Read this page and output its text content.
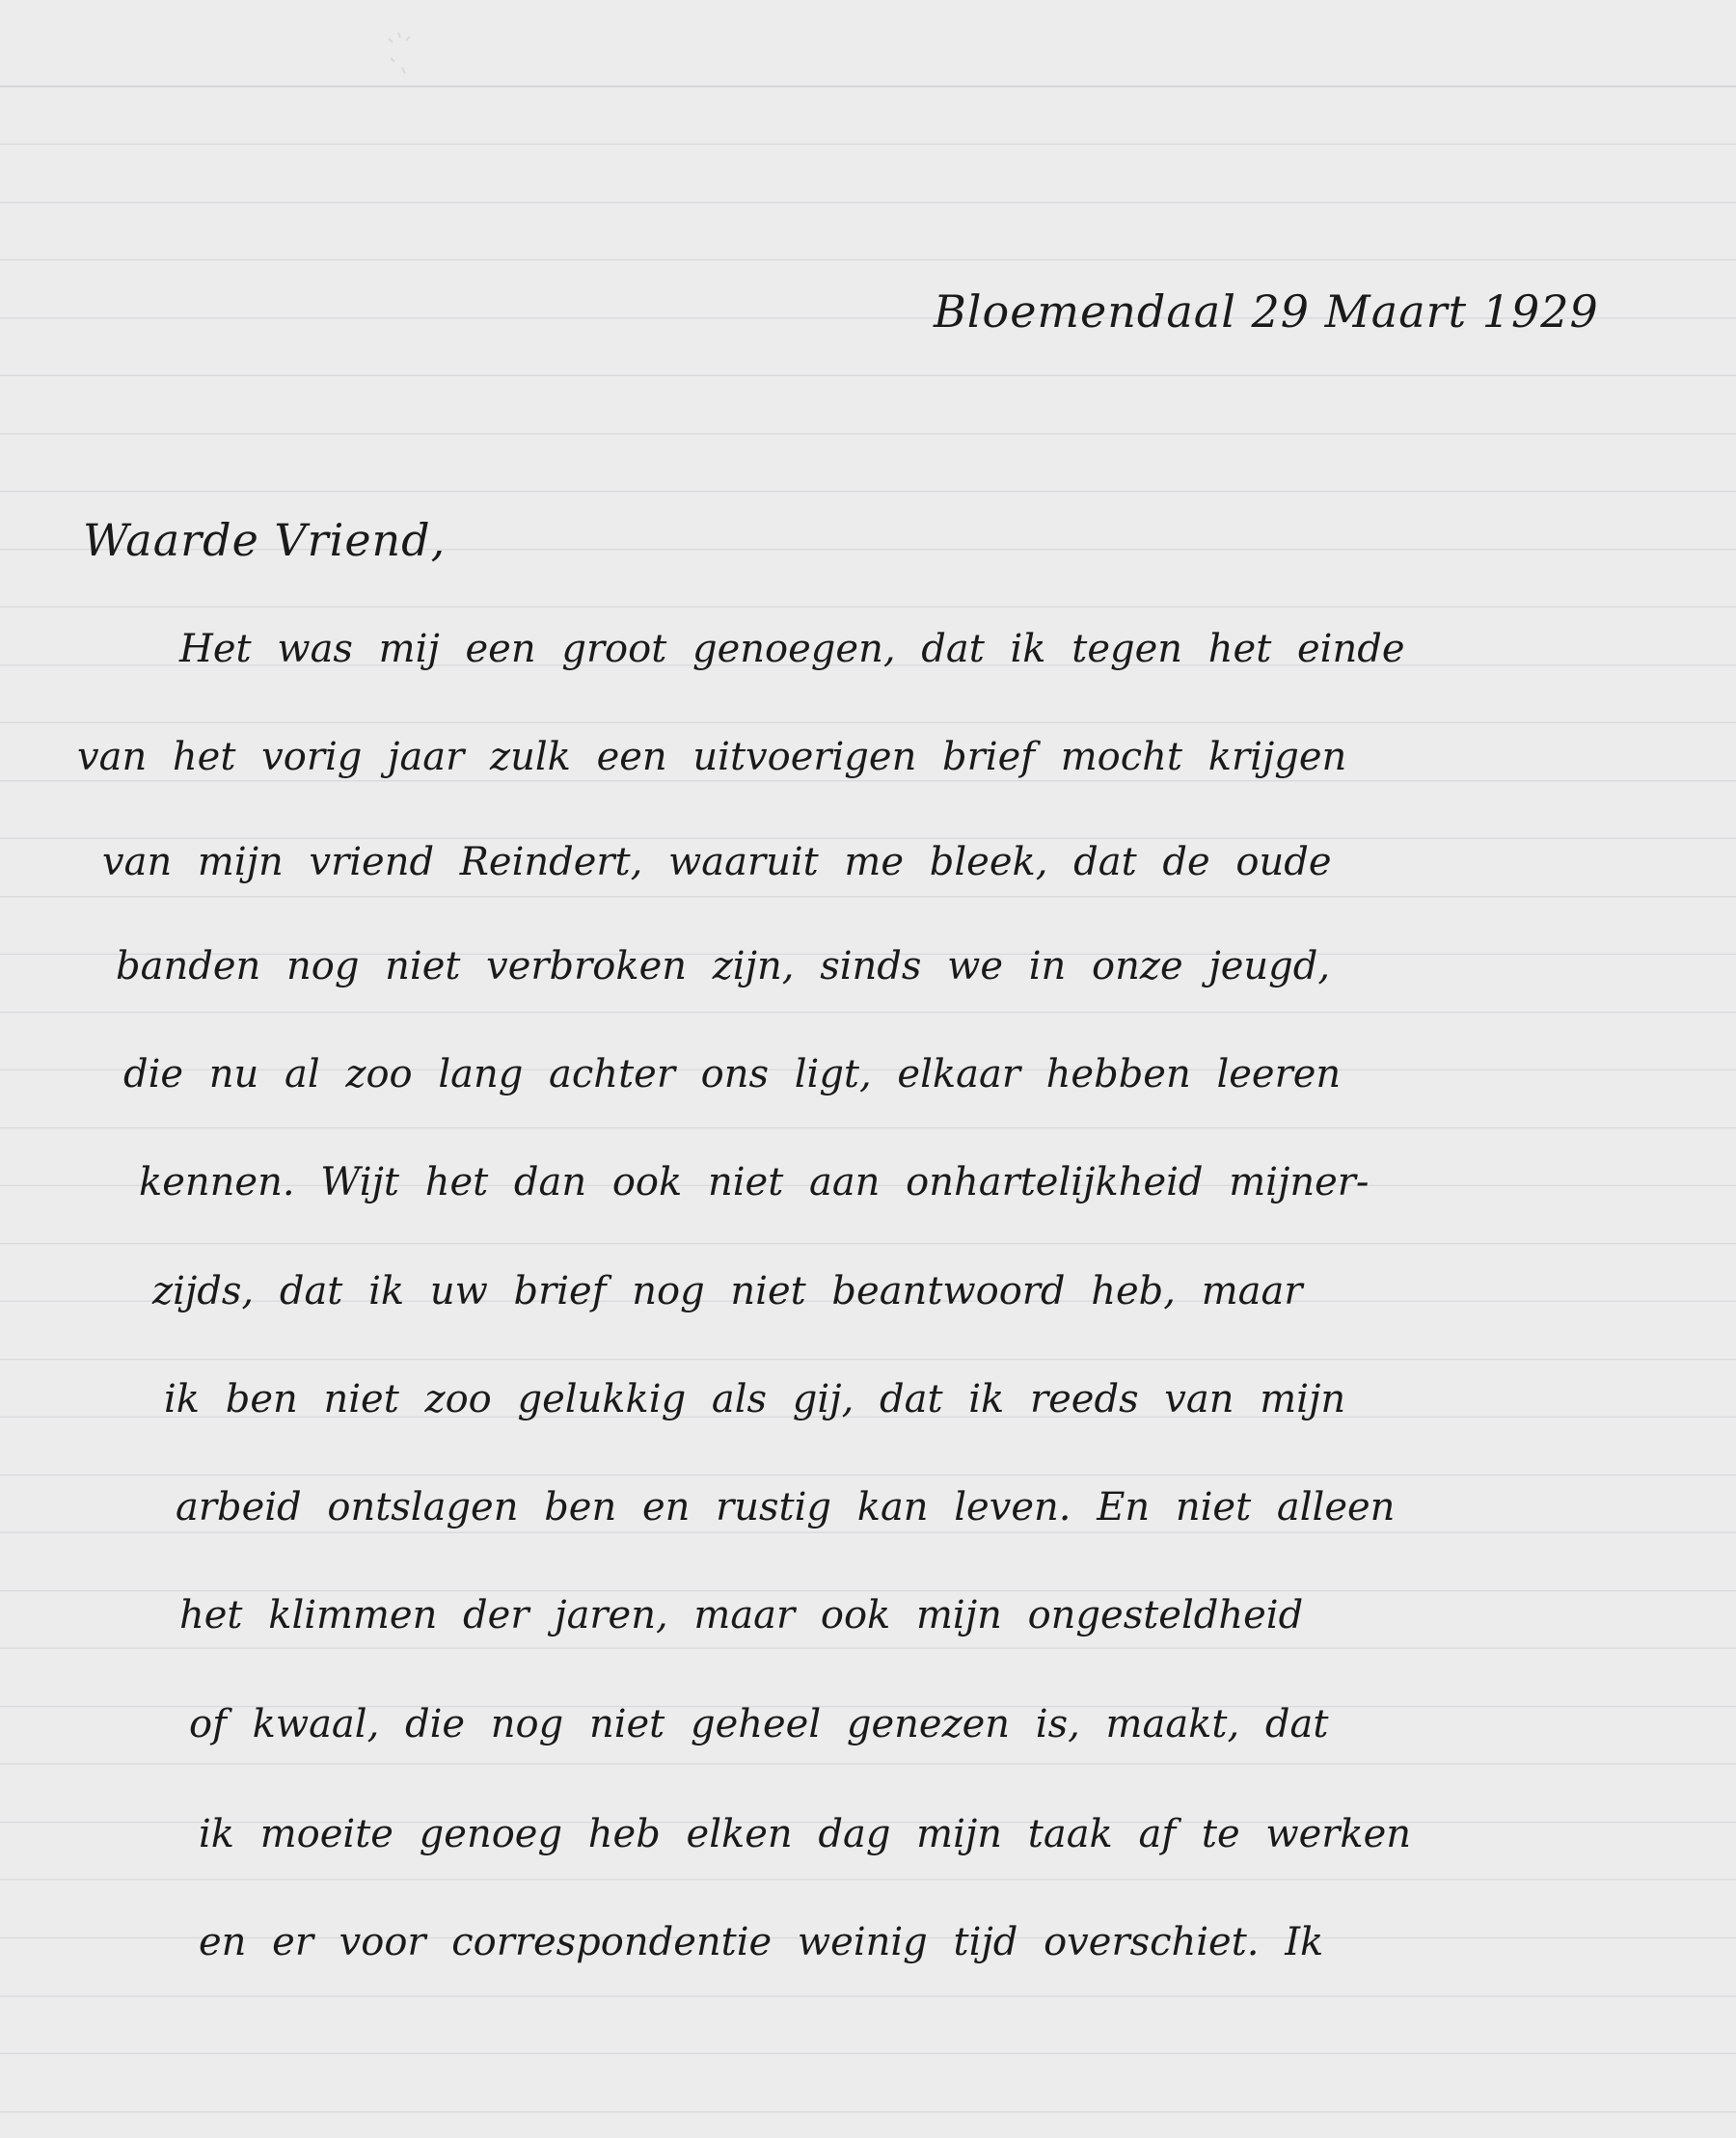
Bloemendaal 29 Maart 1929
Waarde Vriend,
Het was mij een groot genoegen, dat ik tegen het einde
van het vorig jaar zulk een uitvoerigen brief mocht krijgen
van mijn vriend Reindert, waaruit me bleek, dat de oude
banden nog niet verbroken zijn, sinds we in onze jeugd,
die nu al zoo lang achter ons ligt, elkaar hebben leeren
kennen. Wijt het dan ook niet aan onhartelijkheid mijner-
zijds, dat ik uw brief nog niet beantwoord heb, maar
ik ben niet zoo gelukkig als gij, dat ik reeds van mijn
arbeid ontslagen ben en rustig kan leven. En niet alleen
het klimmen der jaren, maar ook mijn ongesteldheid
of kwaal, die nog niet geheel genezen is, maakt, dat
ik moeite genoeg heb elken dag mijn taak af te werken
en er voor correspondentie weinig tijd overschiet. Ik
